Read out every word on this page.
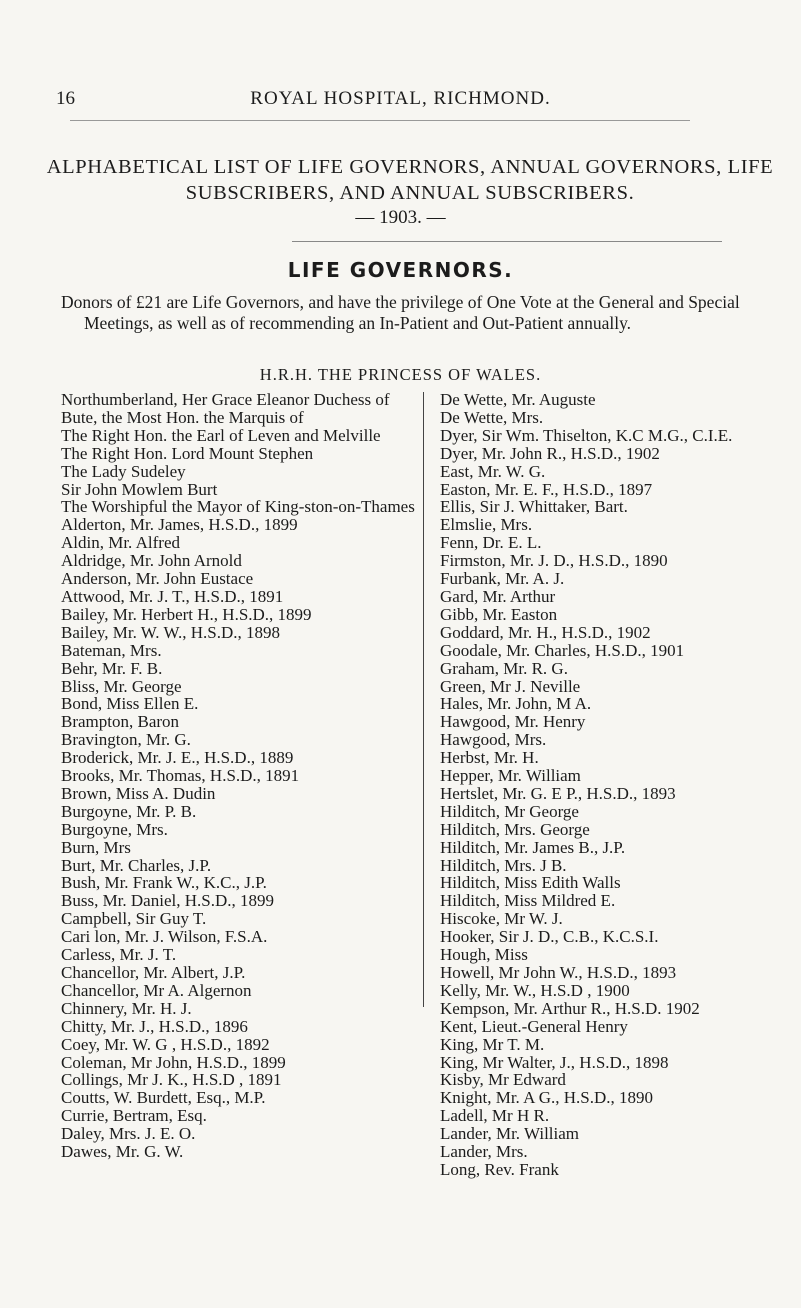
16	ROYAL HOSPITAL, RICHMOND.
ALPHABETICAL LIST OF LIFE GOVERNORS, ANNUAL GOVERNORS, LIFE SUBSCRIBERS, AND ANNUAL SUBSCRIBERS.
— 1903. —
LIFE GOVERNORS.

Donors of £21 are Life Governors, and have the privilege of One Vote at the General and Special Meetings, as well as of recommending an In-Patient and Out-Patient annually.

H.R.H. THE PRINCESS OF WALES.
Northumberland, Her Grace Eleanor Duchess of
Bute, the Most Hon. the Marquis of
The Right Hon. the Earl of Leven and Melville
The Right Hon. Lord Mount Stephen
The Lady Sudeley
Sir John Mowlem Burt
The Worshipful the Mayor of King-ston-on-Thames
Alderton, Mr. James, H.S.D., 1899
Aldin, Mr. Alfred
Aldridge, Mr. John Arnold
Anderson, Mr. John Eustace
Attwood, Mr. J. T., H.S.D., 1891
Bailey, Mr. Herbert H., H.S.D., 1899
Bailey, Mr. W. W., H.S.D., 1898
Bateman, Mrs.
Behr, Mr. F. B.
Bliss, Mr. George
Bond, Miss Ellen E.
Brampton, Baron
Bravington, Mr. G.
Broderick, Mr. J. E., H.S.D., 1889
Brooks, Mr. Thomas, H.S.D., 1891
Brown, Miss A. Dudin
Burgoyne, Mr. P. B.
Burgoyne, Mrs.
Burn, Mrs
Burt, Mr. Charles, J.P.
Bush, Mr. Frank W., K.C., J.P.
Buss, Mr. Daniel, H.S.D., 1899
Campbell, Sir Guy T.
Cari lon, Mr. J. Wilson, F.S.A.
Carless, Mr. J. T.
Chancellor, Mr. Albert, J.P.
Chancellor, Mr A. Algernon
Chinnery, Mr. H. J.
Chitty, Mr. J., H.S.D., 1896
Coey, Mr. W. G , H.S.D., 1892
Coleman, Mr John, H.S.D., 1899
Collings, Mr J. K., H.S.D , 1891
Coutts, W. Burdett, Esq., M.P.
Currie, Bertram, Esq.
Daley, Mrs. J. E. O.
Dawes, Mr. G. W.
De Wette, Mr. Auguste
De Wette, Mrs.
Dyer, Sir Wm. Thiselton, K.C M.G., C.I.E.
Dyer, Mr. John R., H.S.D., 1902
East, Mr. W. G.
Easton, Mr. E. F., H.S.D., 1897
Ellis, Sir J. Whittaker, Bart.
Elmslie, Mrs.
Fenn, Dr. E. L.
Firmston, Mr. J. D., H.S.D., 1890
Furbank, Mr. A. J.
Gard, Mr. Arthur
Gibb, Mr. Easton
Goddard, Mr. H., H.S.D., 1902
Goodale, Mr. Charles, H.S.D., 1901
Graham, Mr. R. G.
Green, Mr J. Neville
Hales, Mr. John, M A.
Hawgood, Mr. Henry
Hawgood, Mrs.
Herbst, Mr. H.
Hepper, Mr. William
Hertslet, Mr. G. E P., H.S.D., 1893
Hilditch, Mr George
Hilditch, Mrs. George
Hilditch, Mr. James B., J.P.
Hilditch, Mrs. J B.
Hilditch, Miss Edith Walls
Hilditch, Miss Mildred E.
Hiscoke, Mr W. J.
Hooker, Sir J. D., C.B., K.C.S.I.
Hough, Miss
Howell, Mr John W., H.S.D., 1893
Kelly, Mr. W., H.S.D , 1900
Kempson, Mr. Arthur R., H.S.D. 1902
Kent, Lieut.-General Henry
King, Mr T. M.
King, Mr Walter, J., H.S.D., 1898
Kisby, Mr Edward
Knight, Mr. A G., H.S.D., 1890
Ladell, Mr H R.
Lander, Mr. William
Lander, Mrs.
Long, Rev. Frank
